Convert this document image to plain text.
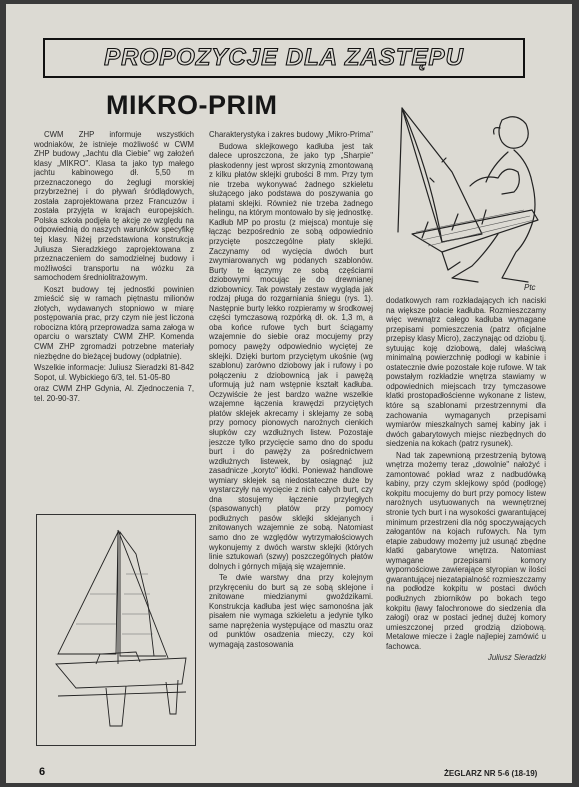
PROPOZYCJE DLA ZASTĘPU
MIKRO-PRIM
Ptc

CWM ZHP informuje wszystkich wodniaków, że istnieje możliwość w CWM ZHP budowy „Jachtu dla Ciebie" wg założeń klasy „MIKRO". Klasa ta jako typ małego jachtu kabinowego dł. 5,50 m przeznaczonego do żeglugi morskiej przybrzeżnej i do pływań śródlądowych, została zaprojektowana przez Francuzów i została przyjęta w krajach europejskich. Polska szkoła podjęła tę akcję ze względu na odpowiednią do naszych warunków specyfikę tej klasy. Niżej przedstawiona konstrukcja Juliusza Sieradzkiego zaprojektowana z przeznaczeniem do samodzielnej budowy i możliwości transportu na wózku za samochodem średniolitrażowym.

Koszt budowy tej jednostki powinien zmieścić się w ramach piętnastu milionów złotych, wydawanych stopniowo w miarę postępowania prac, przy czym nie jest liczona robocizna którą przeprowadza sama załoga w oparciu o warsztaty CWM ZHP. Komenda CWM ZHP zgromadzi potrzebne materiały niezbędne do bieżącej budowy (odpłatnie).

Wszelkie informacje: Juliusz Sieradzki 81-842 Sopot, ul. Wybickiego 6/3, tel. 51-05-80

oraz CWM ZHP Gdynia, Al. Zjednoczenia 7, tel. 20-90-37.

Charakterystyka i zakres budowy „Mikro-Prima"

Budowa sklejkowego kadłuba jest tak dalece uproszczona, że jako typ „Sharpie" płaskodenny jest wprost skrzynią zmontowaną z kilku płatów sklejki grubości 8 mm. Przy tym nie trzeba wykonywać żadnego szkieletu służącego jako podstawa do poszywania go płatami sklejki. Również nie trzeba żadnego helingu, na którym montowało by się jednostkę. Kadłub MP po prostu (z miejsca) montuje się łącząc bezpośrednio ze sobą odpowiednio przycięte poszczególne płaty sklejki. Zaczynamy od wycięcia dwóch burt zwymiarowanych wg podanych szablonów. Burty te łączymy ze sobą częściami dziobowymi mocując je do drewnianej dziobownicy. Tak powstały zestaw wygląda jak rodzaj pługa do rozgarniania śniegu (rys. 1). Następnie burty lekko rozpieramy w środkowej części tymczasową rozpórką dł. ok. 1,3 m, a oba końce rufowe tych burt ściągamy wzajemnie do siebie oraz mocujemy przy pomocy pawęży odpowiednio wyciętej ze sklejki. Dzięki burtom przyciętym ukośnie (wg szablonu) zarówno dziobowy jak i rufowy i po połączeniu z dziobownicą jak i pawężą uformują już nam wstępnie kształt kadłuba. Oczywiście że jest bardzo ważne wszelkie wzajemne łączenia krawędzi przyciętych płatów sklejek akrecamy i sklejamy ze sobą przy pomocy pionowych narożnych cienkich słupków czy wzdłużnych listew. Pozostaje jeszcze tylko przycięcie samo dno do spodu burt i do pawęży za pośrednictwem wzdłużnych listewek, by osiągnąć już zasadnicze „koryto" łódki. Ponieważ handlowe wymiary sklejek są niedostateczne duże by wystarczyły na wycięcie z nich całych burt, czy dna stosujemy łączenie przyległych (spasowanych) płatów przy pomocy podłużnych pasów sklejki sklejanych i znitowanych wzajemnie ze sobą. Natomiast samo dno ze względów wytrzymałościowych wykonujemy z dwóch warstw sklejki (których linie sztukowań (szwy) poszczególnych płatów dolnych i górnych mijają się wzajemnie.

Te dwie warstwy dna przy kolejnym przykręceniu do burt są ze sobą sklejone i znitowane miedzianymi gwoździkami. Konstrukcja kadłuba jest więc samonośna jak pisałem nie wymaga szkieletu a jedynie tylko same naprężenia występujące od masztu oraz od punktów osadzenia mieczy, czy koi wymagają zastosowania

dodatkowych ram rozkładających ich naciski na większe połacie kadłuba. Rozmieszczamy więc wewnątrz całego kadłuba wymagane przepisami pomieszczenia (patrz oficjalne przepisy klasy Micro), zaczynając od dziobu tj. sytuując koję dziobową, dalej właściwą minimalną powierzchnię podłogi w kabinie i ostatecznie dwie pozostałe koje rufowe. W tak powstałym rozkładzie wnętrza stawiamy w odpowiednich miejscach trzy tymczasowe klatki prostopadłościenne wykonane z listew, które są szablonami przestrzennymi dla zachowania wymaganych przepisami wymiarów mieszkalnych samej kabiny jak i dwóch gabarytowych miejsc niezbędnych do siedzenia na kokach (patrz rysunek).

Nad tak zapewnioną przestrzenią bytową wnętrza możemy teraz „dowolnie" nałożyć i zamontować pokład wraz z nadbudówką kabiny, przy czym sklejkowy spód (podłogę) kokpitu mocujemy do burt przy pomocy listew narożnych usytuowanych na wewnętrznej stronie tych burt i na wysokości gwarantującej minimum przestrzeni dla nóg spoczywających załogantów na kojach rufowych. Na tym etapie zabudowy możemy już usunąć zbędne klatki gabarytowe wnętrza. Natomiast wymagane przepisami komory wypornościowe zawierające styropian w ilości gwarantującej niezatapialność rozmieszczamy na podłodze kokpitu w postaci dwóch podłużnych zbiorników po bokach tego kokpitu (ławy falochronowe do siedzenia dla załogi) oraz w postaci jednej dużej komory umieszczonej przed grodzią dziobową. Metalowe miecze i żagle najlepiej zamówić u fachowca.

Juliusz Sieradzki
6	ŻEGLARZ NR 5-6 (18-19)
